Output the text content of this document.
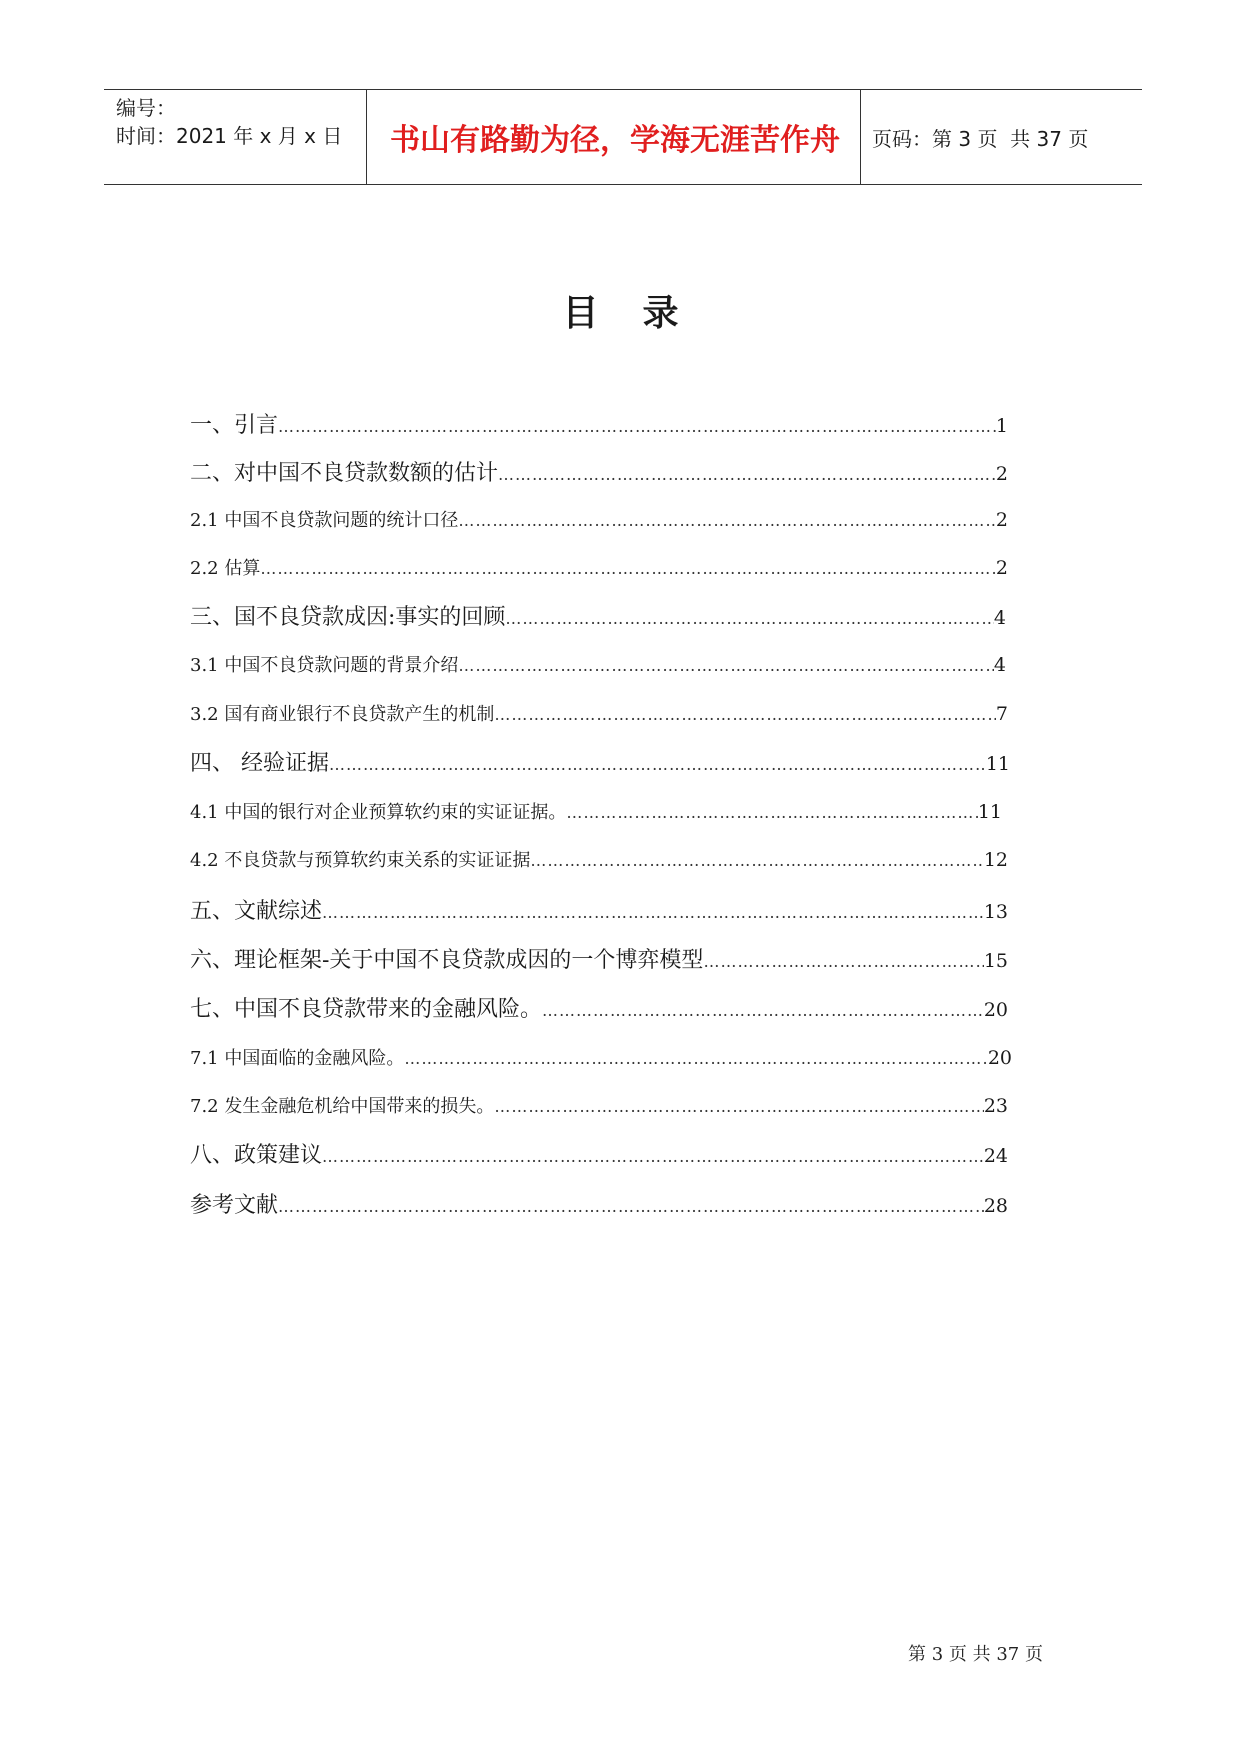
编号：
时间：2021 年 x 月 x 日	书山有路勤为径，学海无涯苦作舟	页码：第 3 页  共 37 页
目录
一、引言 ……………………………………………………………………………………………………………………………………………………………	1
二、对中国不良贷款数额的估计 ……………………………………………………………………………………………………………………………………………………………	2
2.1 中国不良贷款问题的统计口径 ……………………………………………………………………………………………………………………………………………………………	2
2.2 估算 ……………………………………………………………………………………………………………………………………………………………	2
三、国不良贷款成因:事实的回顾 ……………………………………………………………………………………………………………………………………………………………	4
3.1 中国不良贷款问题的背景介绍 ……………………………………………………………………………………………………………………………………………………………	4
3.2 国有商业银行不良贷款产生的机制 ……………………………………………………………………………………………………………………………………………………………	7
四、 经验证据 ……………………………………………………………………………………………………………………………………………………………	11
4.1 中国的银行对企业预算软约束的实证证据。 ……………………………………………………………………………………………………………………………………………………………	11
4.2 不良贷款与预算软约束关系的实证证据 ……………………………………………………………………………………………………………………………………………………………	12
五、文献综述 ……………………………………………………………………………………………………………………………………………………………	13
六、理论框架-关于中国不良贷款成因的一个博弈模型 ……………………………………………………………………………………………………………………………………………………………	15
七、中国不良贷款带来的金融风险。 ……………………………………………………………………………………………………………………………………………………………	20
7.1 中国面临的金融风险。 ……………………………………………………………………………………………………………………………………………………………	20
7.2 发生金融危机给中国带来的损失。 ……………………………………………………………………………………………………………………………………………………………	23
八、政策建议 ……………………………………………………………………………………………………………………………………………………………	24
参考文献 ……………………………………………………………………………………………………………………………………………………………	28
第 3 页 共 37 页
